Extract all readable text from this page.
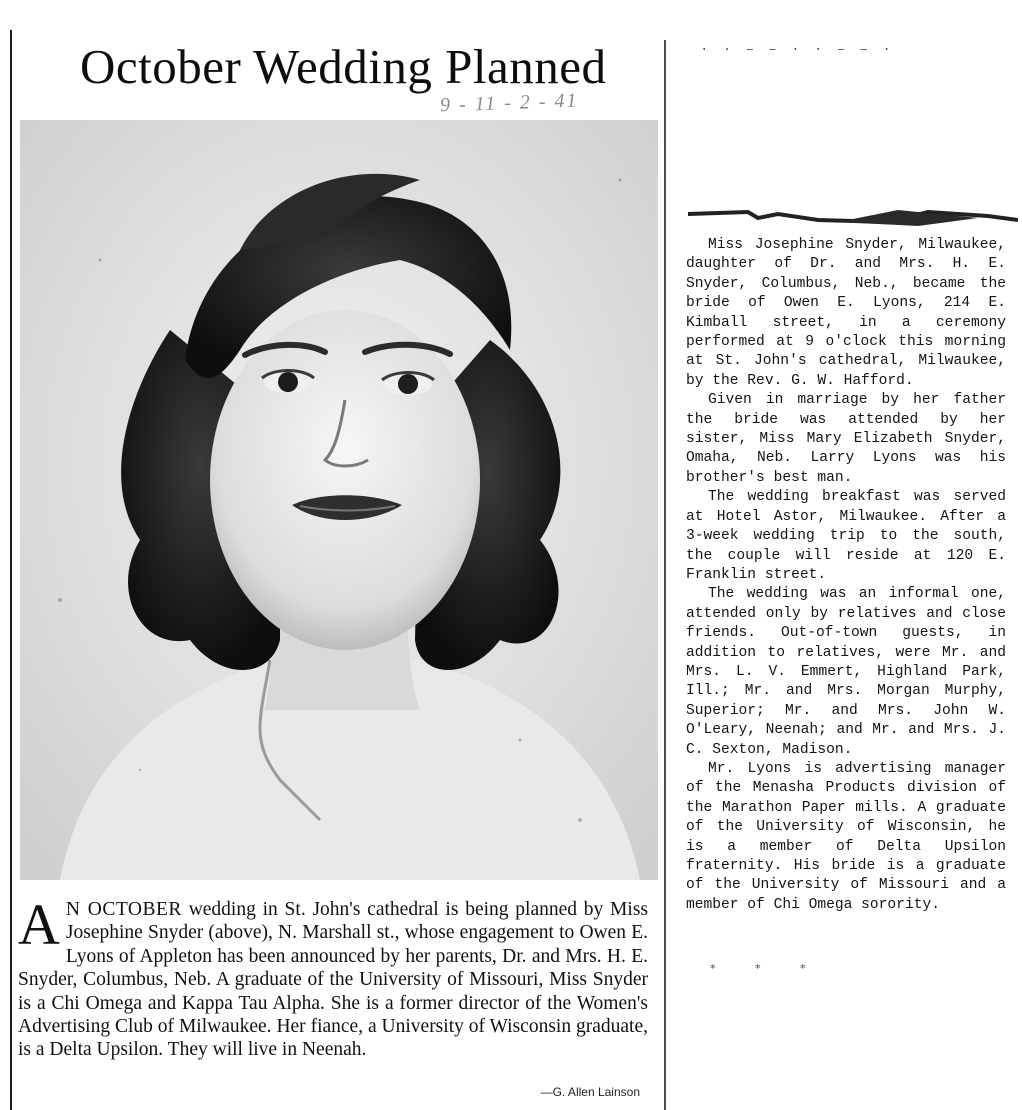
October Wedding Planned
9 - 11 - 2 - 41
A N OCTOBER wedding in St. John's cathedral is being planned by Miss Josephine Snyder (above), N. Marshall st., whose engagement to Owen E. Lyons of Appleton has been announced by her parents, Dr. and Mrs. H. E. Snyder, Columbus, Neb. A graduate of the University of Missouri, Miss Snyder is a Chi Omega and Kappa Tau Alpha. She is a former director of the Women's Advertising Club of Milwaukee. Her fiance, a University of Wisconsin graduate, is a Delta Upsilon. They will live in Neenah.
—G. Allen Lainson
· · – – · · – – ·

Miss Josephine Snyder, Milwaukee, daughter of Dr. and Mrs. H. E. Snyder, Columbus, Neb., became the bride of Owen E. Lyons, 214 E. Kimball street, in a ceremony performed at 9 o'clock this morning at St. John's cathedral, Milwaukee, by the Rev. G. W. Hafford.

Given in marriage by her father the bride was attended by her sister, Miss Mary Elizabeth Snyder, Omaha, Neb. Larry Lyons was his brother's best man.

The wedding breakfast was served at Hotel Astor, Milwaukee. After a 3-week wedding trip to the south, the couple will reside at 120 E. Franklin street.

The wedding was an informal one, attended only by relatives and close friends. Out-of-town guests, in addition to relatives, were Mr. and Mrs. L. V. Emmert, Highland Park, Ill.; Mr. and Mrs. Morgan Murphy, Superior; Mr. and Mrs. John W. O'Leary, Neenah; and Mr. and Mrs. J. C. Sexton, Madison.

Mr. Lyons is advertising manager of the Menasha Products division of the Marathon Paper mills. A graduate of the University of Wisconsin, he is a member of Delta Upsilon fraternity. His bride is a graduate of the University of Missouri and a member of Chi Omega sorority.

* * *
